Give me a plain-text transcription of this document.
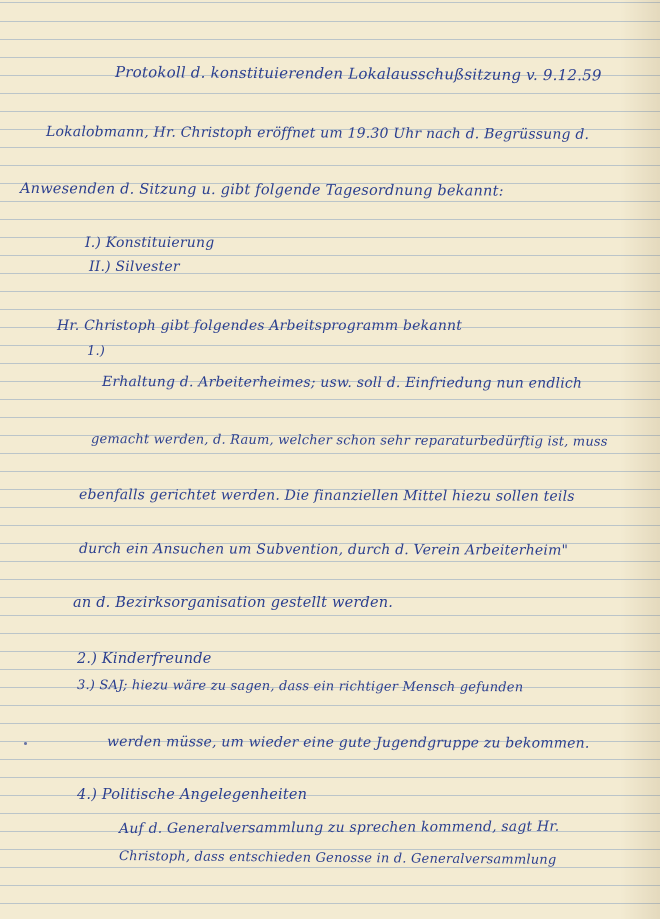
Protokoll d. konstituierenden Lokalausschußsitzung v. 9.12.59
Lokalobmann, Hr. Christoph eröffnet um 19.30 Uhr nach d. Begrüssung d.
Anwesenden d. Sitzung u. gibt folgende Tagesordnung bekannt:
I.) Konstituierung
II.) Silvester
Hr. Christoph gibt folgendes Arbeitsprogramm bekannt
1.)
Erhaltung d. Arbeiterheimes; usw. soll d. Einfriedung nun endlich
gemacht werden, d. Raum, welcher schon sehr reparaturbedürftig ist, muss
ebenfalls gerichtet werden. Die finanziellen Mittel hiezu sollen teils
durch ein Ansuchen um Subvention, durch d. Verein Arbeiterheim"
an d. Bezirksorganisation gestellt werden.
2.) Kinderfreunde
3.) SAJ; hiezu wäre zu sagen, dass ein richtiger Mensch gefunden
werden müsse, um wieder eine gute Jugendgruppe zu bekommen.
4.) Politische Angelegenheiten
Auf d. Generalversammlung zu sprechen kommend, sagt Hr.
Christoph, dass entschieden Genosse in d. Generalversammlung
